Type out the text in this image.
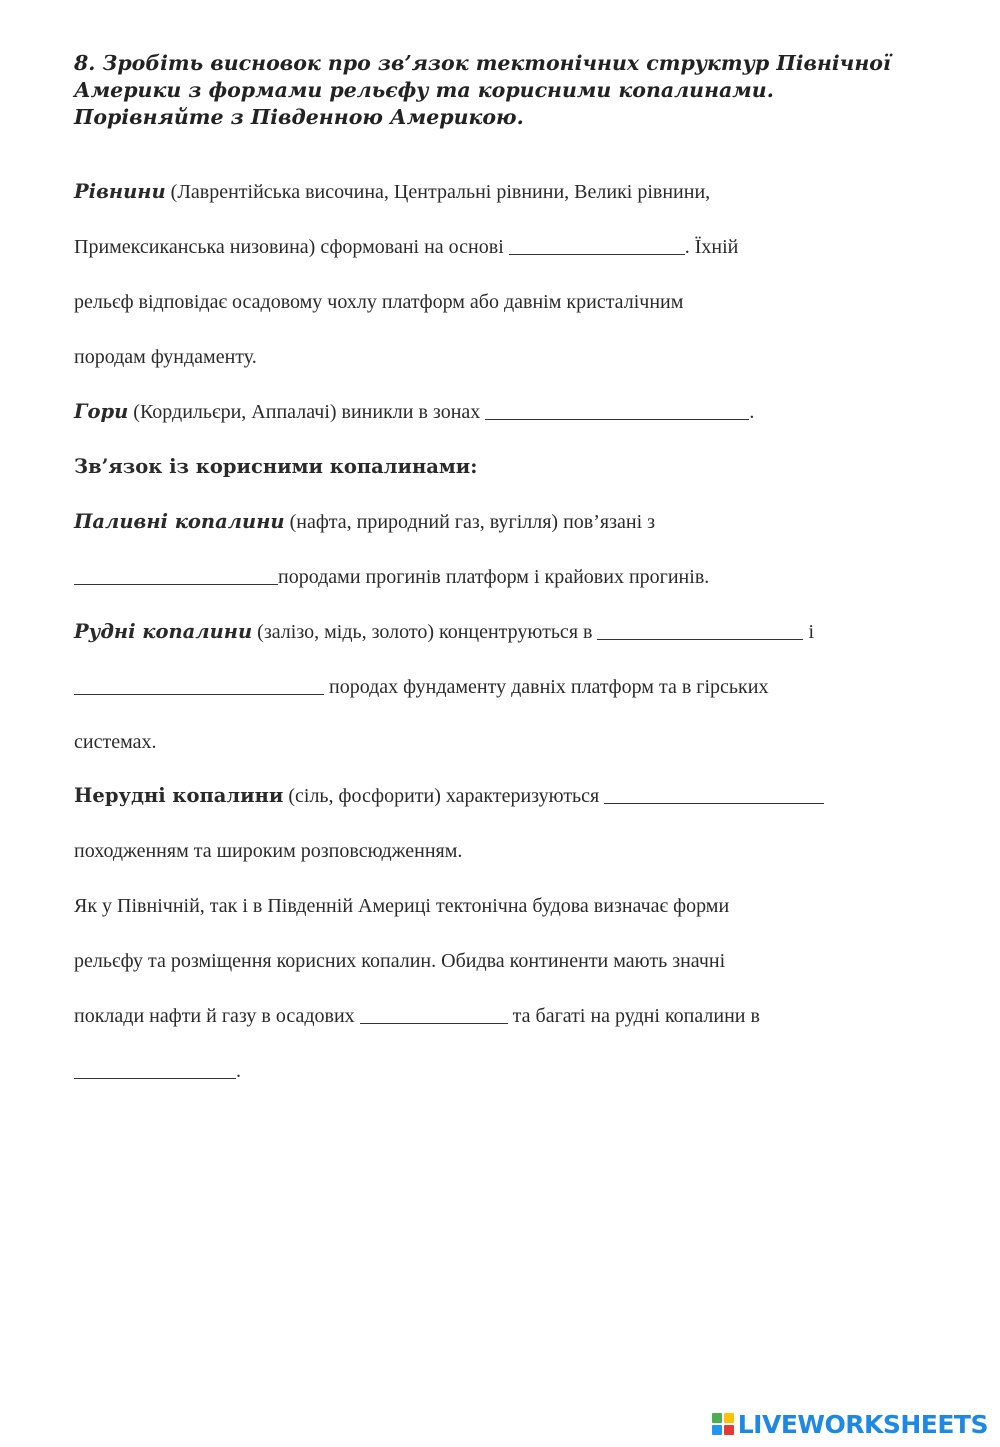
8. Зробіть висновок про зв’язок тектонічних структур Північної
Америки з формами рельєфу та корисними копалинами.
Порівняйте з Південною Америкою.
Рівнини (Лаврентійська височина, Центральні рівнини, Великі рівнини,
Примексиканська низовина) сформовані на основі	. Їхній
рельєф відповідає осадовому чохлу платформ або давнім кристалічним
породам фундаменту.
Гори (Кордильєри, Аппалачі) виникли в зонах	.
Зв’язок із корисними копалинами:
Паливні копалини (нафта, природний газ, вугілля) пов’язані з
породами прогинів платформ і крайових прогинів.
Рудні копалини (залізо, мідь, золото) концентруються в	і
породах фундаменту давніх платформ та в гірських
системах.
Нерудні копалини (сіль, фосфорити) характеризуються
походженням та широким розповсюдженням.
Як у Північній, так і в Південній Америці тектонічна будова визначає форми
рельєфу та розміщення корисних копалин. Обидва континенти мають значні
поклади нафти й газу в осадових	та багаті на рудні копалини в
.
LIVEWORKSHEETS
